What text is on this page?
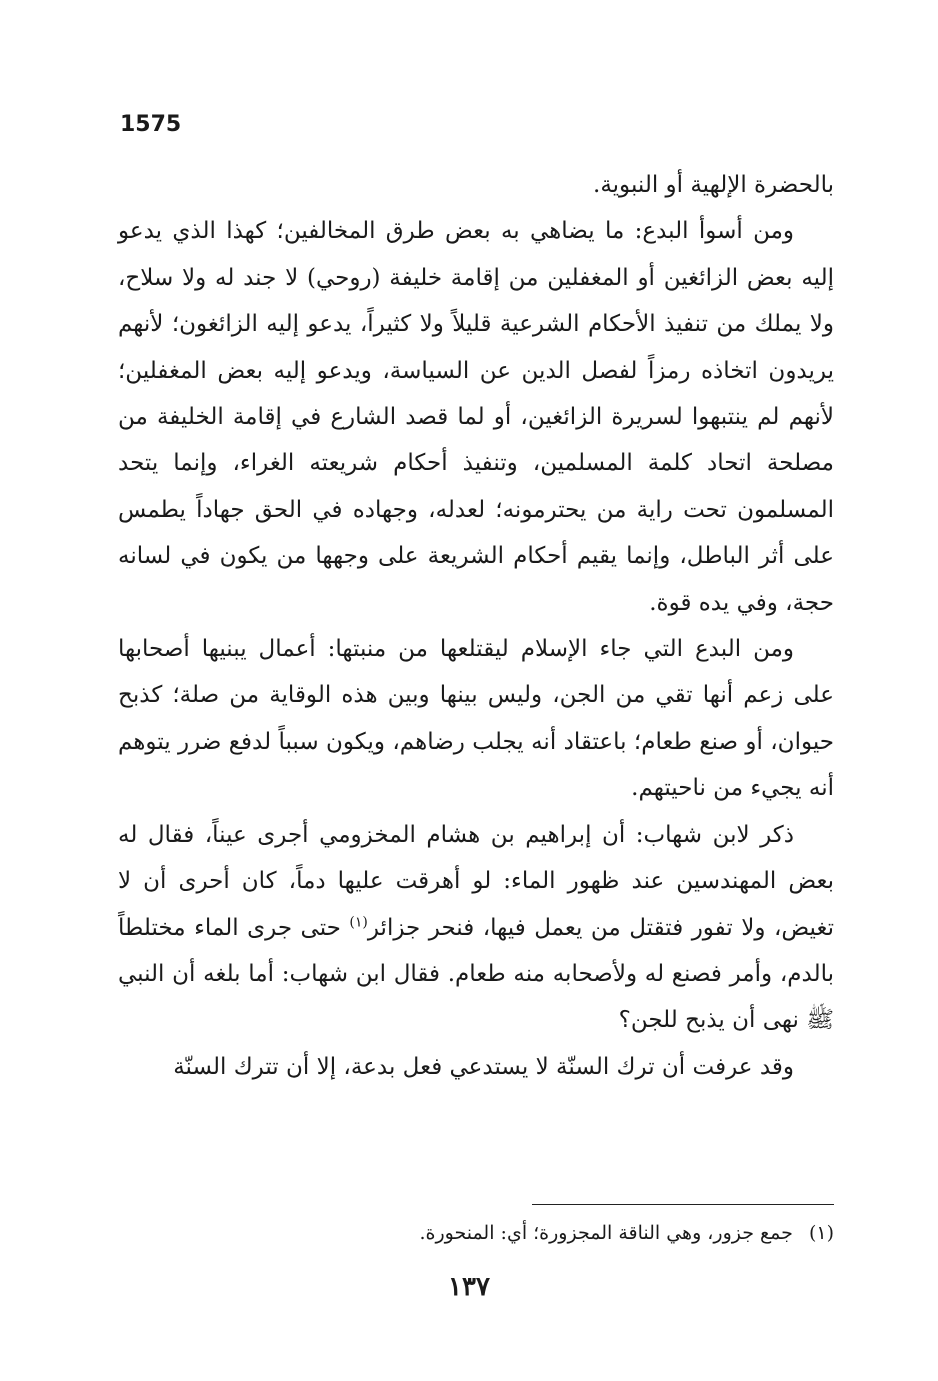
1575

بالحضرة الإلهية أو النبوية.

ومن أسوأ البدع: ما يضاهي به بعض طرق المخالفين؛ كهذا الذي يدعو إليه بعض الزائغين أو المغفلين من إقامة خليفة (روحي) لا جند له ولا سلاح، ولا يملك من تنفيذ الأحكام الشرعية قليلاً ولا كثيراً، يدعو إليه الزائغون؛ لأنهم يريدون اتخاذه رمزاً لفصل الدين عن السياسة، ويدعو إليه بعض المغفلين؛ لأنهم لم ينتبهوا لسريرة الزائغين، أو لما قصد الشارع في إقامة الخليفة من مصلحة اتحاد كلمة المسلمين، وتنفيذ أحكام شريعته الغراء، وإنما يتحد المسلمون تحت راية من يحترمونه؛ لعدله، وجهاده في الحق جهاداً يطمس على أثر الباطل، وإنما يقيم أحكام الشريعة على وجهها من يكون في لسانه حجة، وفي يده قوة.

ومن البدع التي جاء الإسلام ليقتلعها من منبتها: أعمال يبنيها أصحابها على زعم أنها تقي من الجن، وليس بينها وبين هذه الوقاية من صلة؛ كذبح حيوان، أو صنع طعام؛ باعتقاد أنه يجلب رضاهم، ويكون سبباً لدفع ضرر يتوهم أنه يجيء من ناحيتهم.

ذكر لابن شهاب: أن إبراهيم بن هشام المخزومي أجرى عيناً، فقال له بعض المهندسين عند ظهور الماء: لو أهرقت عليها دماً، كان أحرى أن لا تغيض، ولا تفور فتقتل من يعمل فيها، فنحر جزائر$^{(١)}$ حتى جرى الماء مختلطاً بالدم، وأمر فصنع له ولأصحابه منه طعام. فقال ابن شهاب: أما بلغه أن النبي ﷺ نهى أن يذبح للجن؟

وقد عرفت أن ترك السنّة لا يستدعي فعل بدعة، إلا أن تترك السنّة

(١) جمع جزور، وهي الناقة المجزورة؛ أي: المنحورة.
١٣٧
